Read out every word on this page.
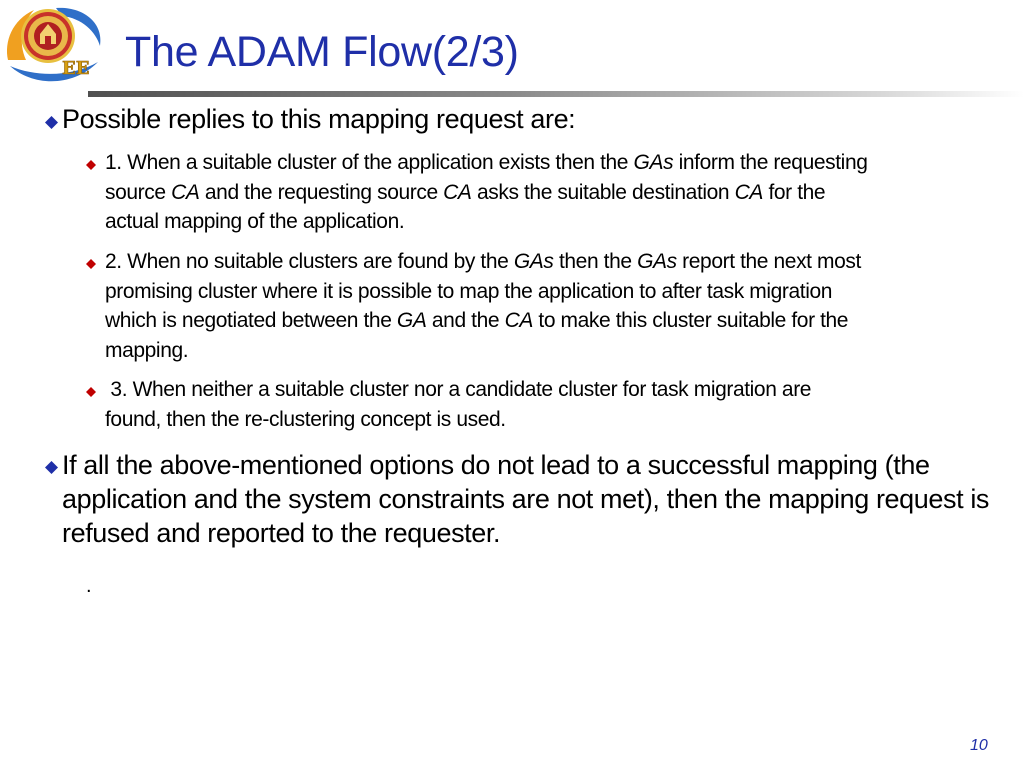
EE The ADAM Flow(2/3)
Possible replies to this mapping request are:
1. When a suitable cluster of the application exists then the GAs inform the requesting
source CA and the requesting source CA asks the suitable destination CA for the
actual mapping of the application.
2. When no suitable clusters are found by the GAs then the GAs report the next most
promising cluster where it is possible to map the application to after task migration
which is negotiated between the GA and the CA to make this cluster suitable for the
mapping.
3. When neither a suitable cluster nor a candidate cluster for task migration are
found, then the re-clustering concept is used.
If all the above-mentioned options do not lead to a successful mapping (the application and the system constraints are not met), then the mapping request is refused and reported to the requester.
.
10
